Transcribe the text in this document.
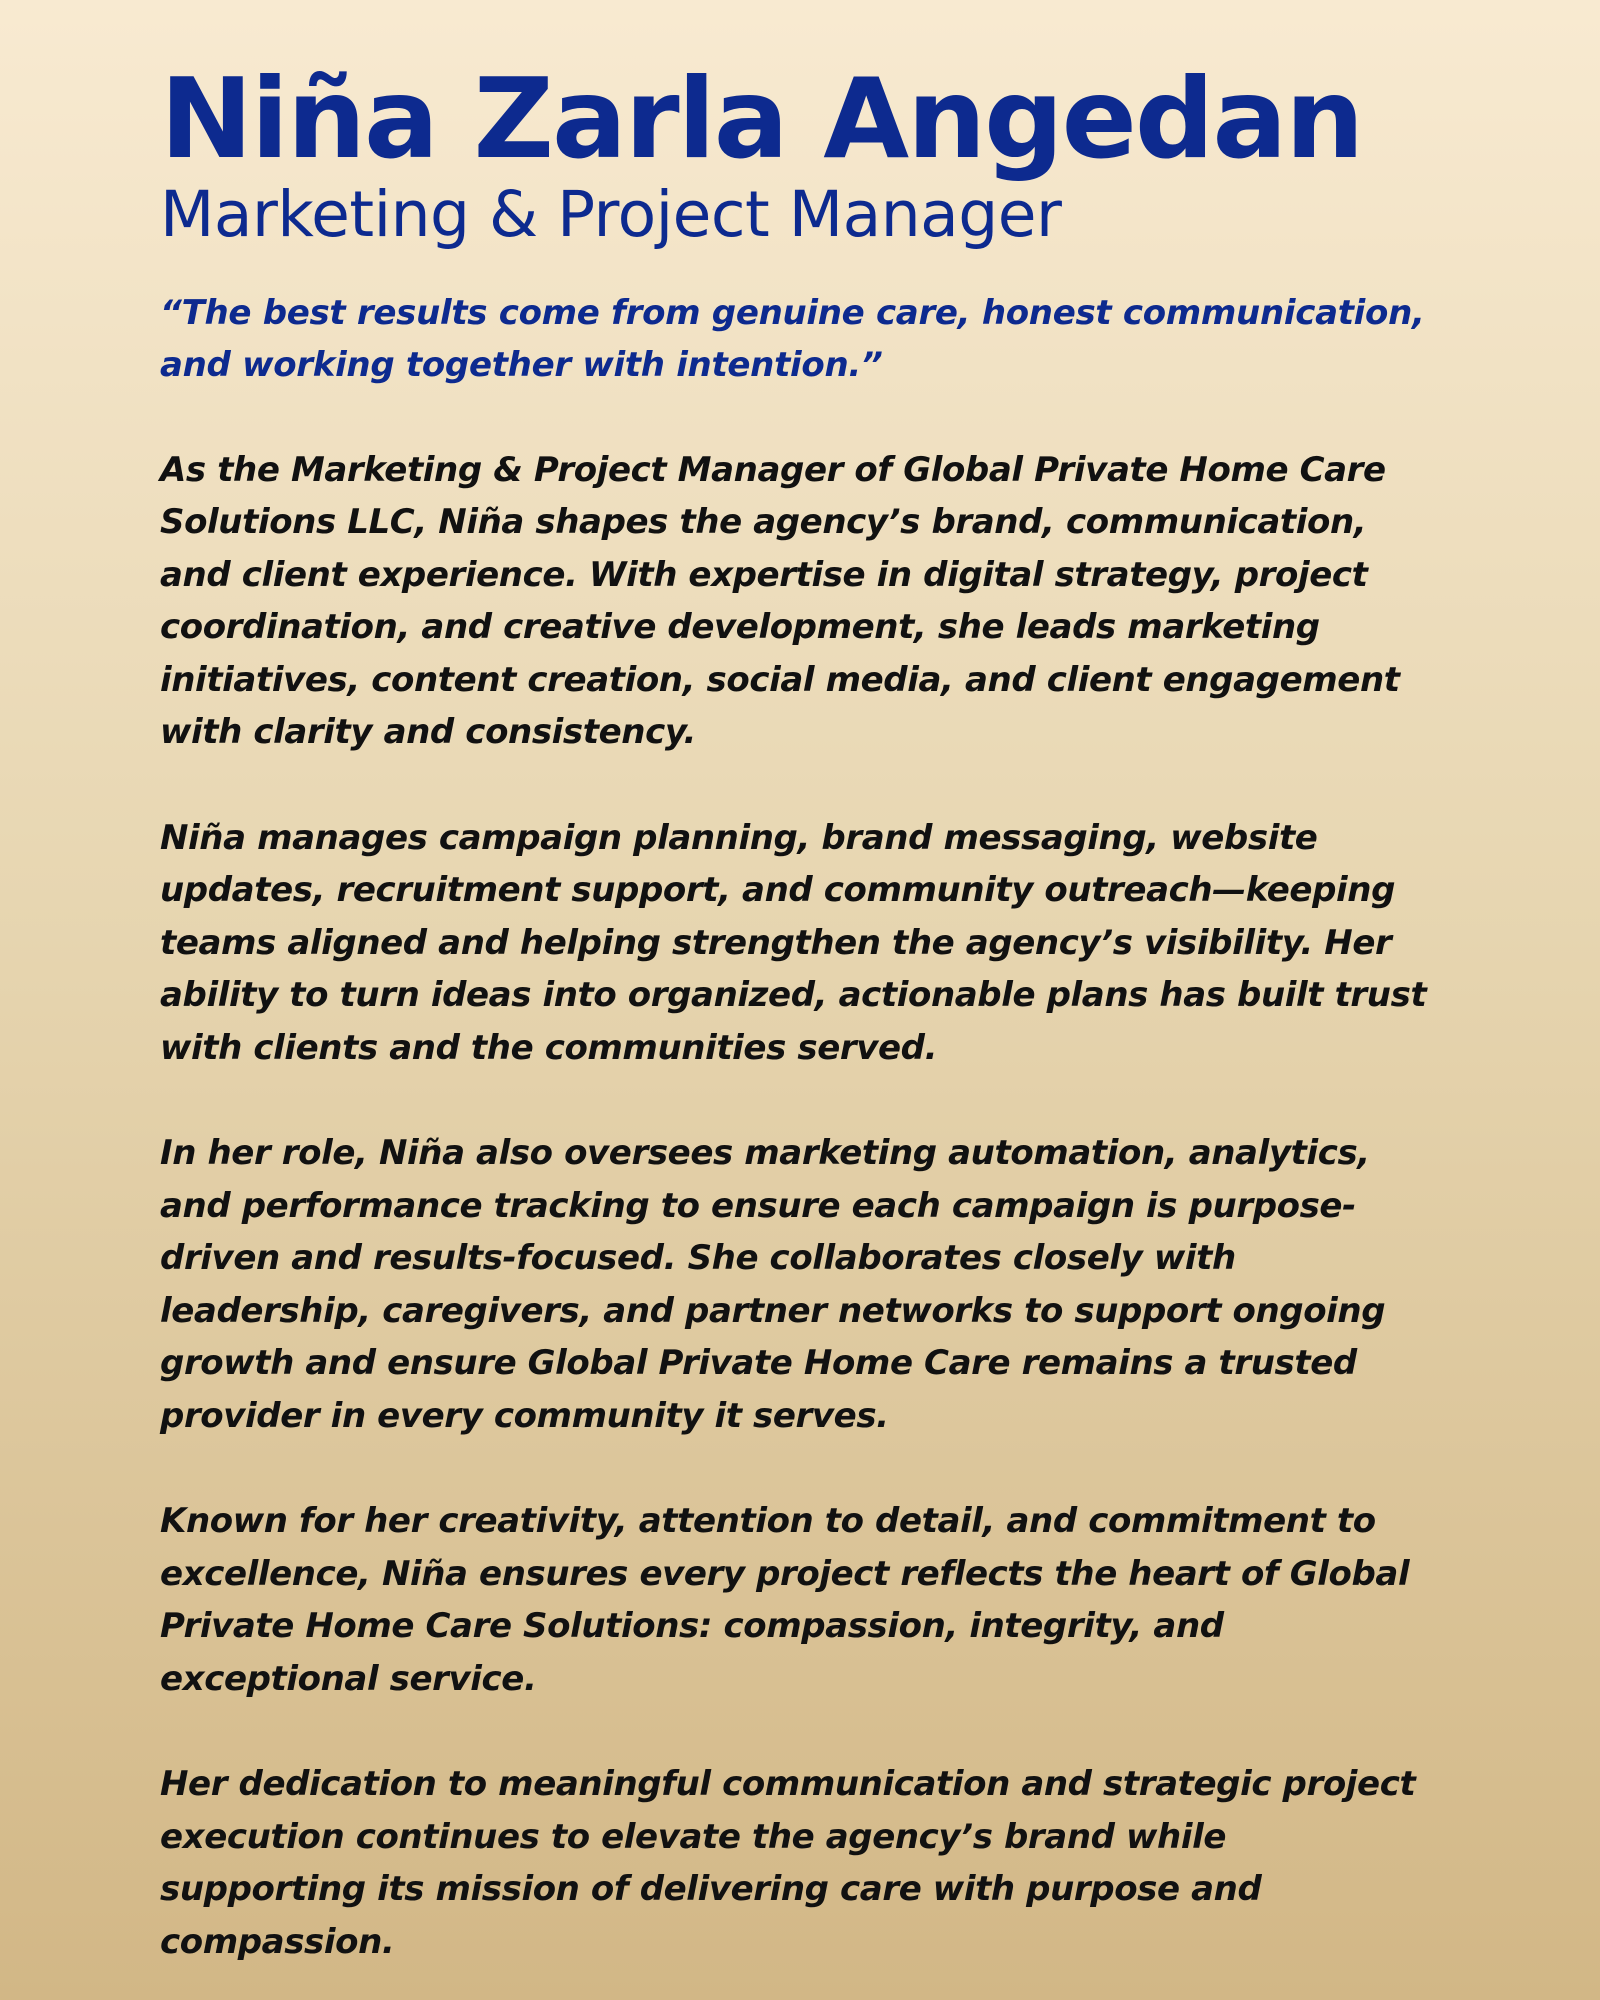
Niña Zarla Angedan
Marketing & Project Manager

“The best results come from genuine care, honest communication, and working together with intention.”

As the Marketing & Project Manager of Global Private Home Care Solutions LLC, Niña shapes the agency’s brand, communication, and client experience. With expertise in digital strategy, project coordination, and creative development, she leads marketing initiatives, content creation, social media, and client engagement with clarity and consistency.

Niña manages campaign planning, brand messaging, website updates, recruitment support, and community outreach—keeping teams aligned and helping strengthen the agency’s visibility. Her ability to turn ideas into organized, actionable plans has built trust with clients and the communities served.

In her role, Niña also oversees marketing automation, analytics, and performance tracking to ensure each campaign is purpose-driven and results-focused. She collaborates closely with leadership, caregivers, and partner networks to support ongoing growth and ensure Global Private Home Care remains a trusted provider in every community it serves.

Known for her creativity, attention to detail, and commitment to excellence, Niña ensures every project reflects the heart of Global Private Home Care Solutions: compassion, integrity, and exceptional service.

Her dedication to meaningful communication and strategic project execution continues to elevate the agency’s brand while supporting its mission of delivering care with purpose and compassion.
